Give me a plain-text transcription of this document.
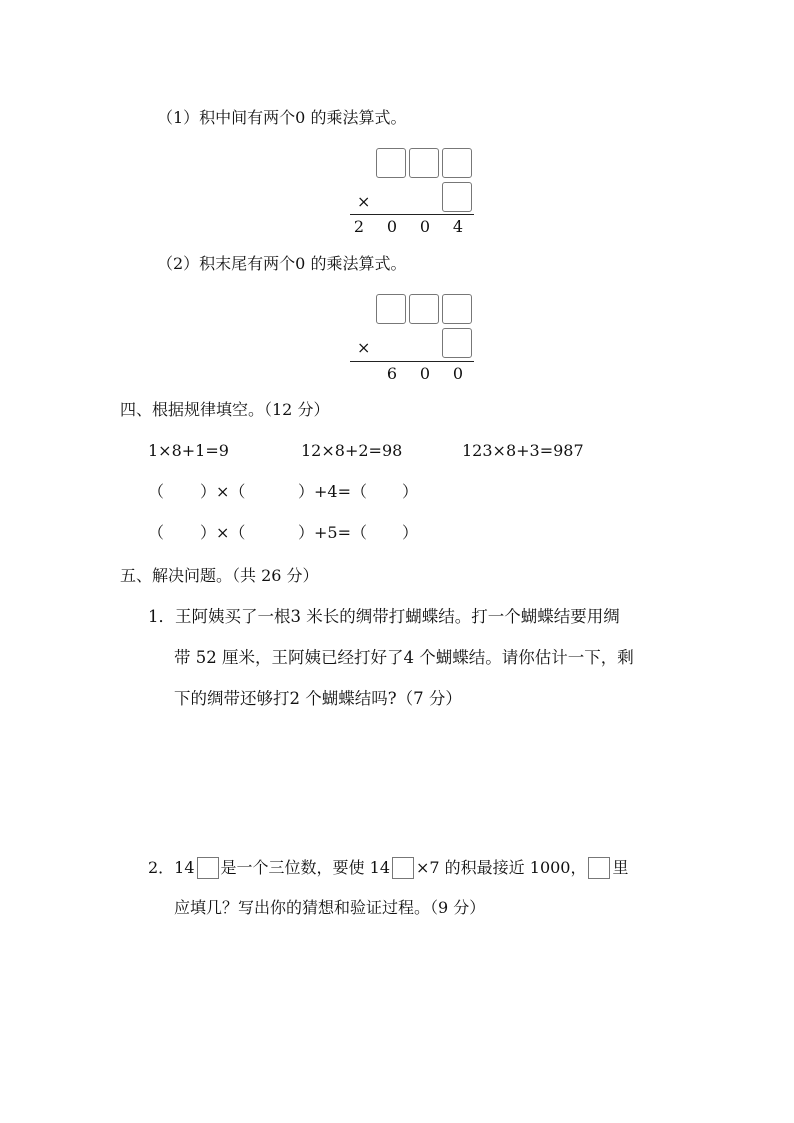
（1）积中间有两个0 的乘法算式。
×
2 0 0 4
（2）积末尾有两个0 的乘法算式。
×
6 0 0
四、根据规律填空。（12 分）
1×8+1=9	12×8+2=98	123×8+3=987
（ ）×（	）+4=（ ）
（ ）×（	）+5=（ ）
五、解决问题。（共 26 分）
1．王阿姨买了一根3 米长的绸带打蝴蝶结。打一个蝴蝶结要用绸
带 52 厘米，王阿姨已经打好了4 个蝴蝶结。请你估计一下，剩
下的绸带还够打2 个蝴蝶结吗?（7 分）
2．14 是一个三位数，要使 14 ×7 的积最接近 1000， 里
应填几？写出你的猜想和验证过程。（9 分）
